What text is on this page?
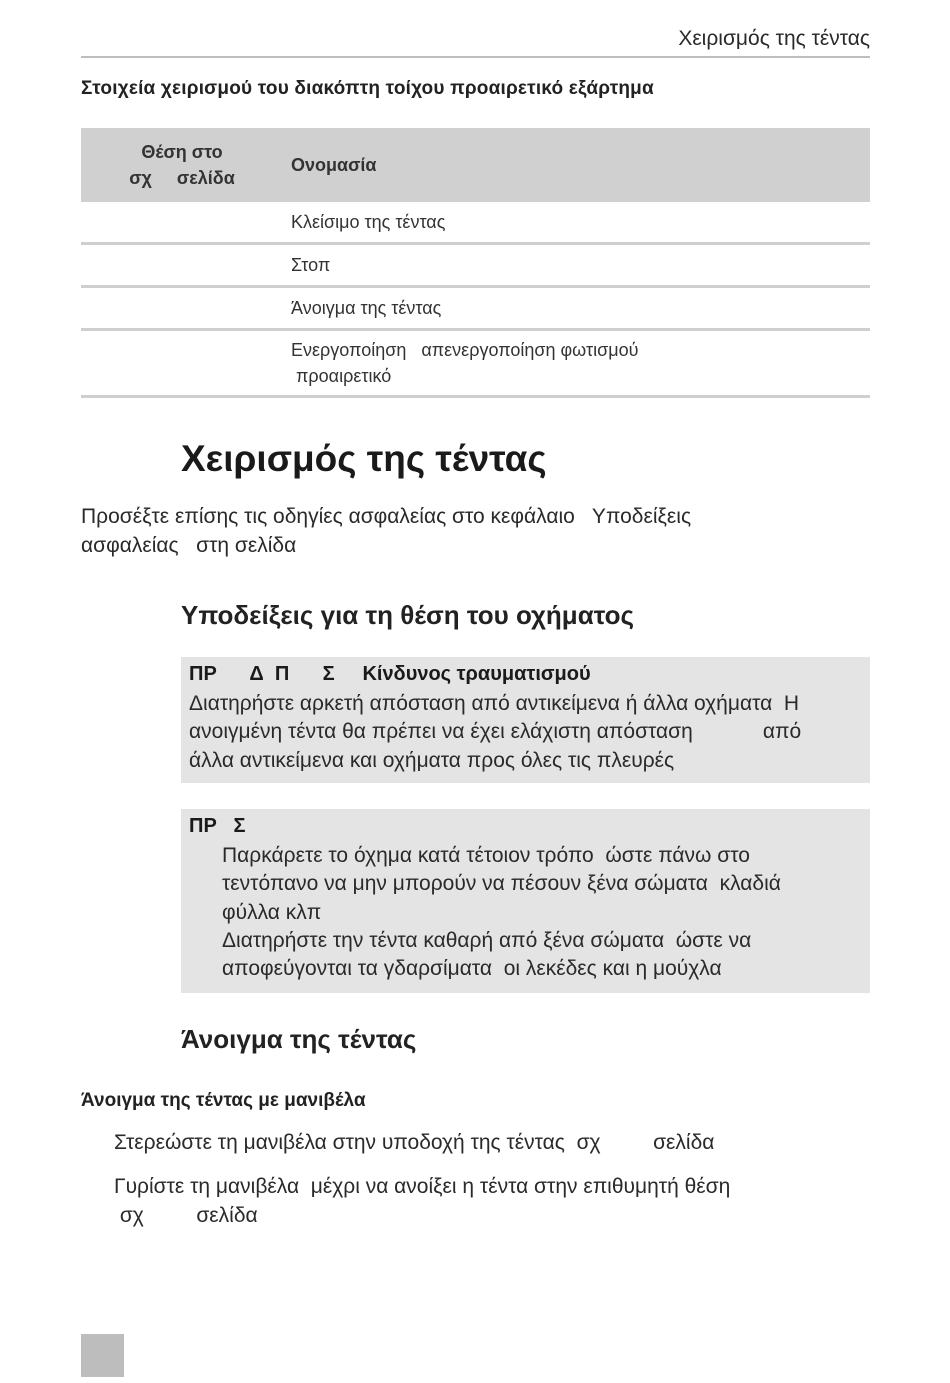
Χειρισμός της τέντας
Στοιχεία χειρισμού του διακόπτη τοίχου προαιρετικό εξάρτημα
Θέση στο
σχ     σελίδα	Ονομασία
	Κλείσιμο της τέντας
	Στοπ
	Άνοιγμα της τέντας

	Ενεργοποίηση   απενεργοποίηση φωτισμού
προαιρετικό
Χειρισμός της τέντας
Προσέξτε επίσης τις οδηγίες ασφαλείας στο κεφάλαιο   Υποδείξεις
ασφαλείας   στη σελίδα
Υποδείξεις για τη θέση του οχήματος
ΠΡ      Δ  Π      Σ     Κίνδυνος τραυματισμού
Διατηρήστε αρκετή απόσταση από αντικείμενα ή άλλα οχήματα  Η
ανοιγμένη τέντα θα πρέπει να έχει ελάχιστη απόσταση            από
άλλα αντικείμενα και οχήματα προς όλες τις πλευρές
ΠΡ   Σ
Παρκάρετε το όχημα κατά τέτοιον τρόπο  ώστε πάνω στο
τεντόπανο να μην μπορούν να πέσουν ξένα σώματα  κλαδιά
φύλλα κλπ
Διατηρήστε την τέντα καθαρή από ξένα σώματα  ώστε να
αποφεύγονται τα γδαρσίματα  οι λεκέδες και η μούχλα
Άνοιγμα της τέντας
Άνοιγμα της τέντας με μανιβέλα
Στερεώστε τη μανιβέλα στην υποδοχή της τέντας  σχ         σελίδα
Γυρίστε τη μανιβέλα  μέχρι να ανοίξει η τέντα στην επιθυμητή θέση
σχ         σελίδα
